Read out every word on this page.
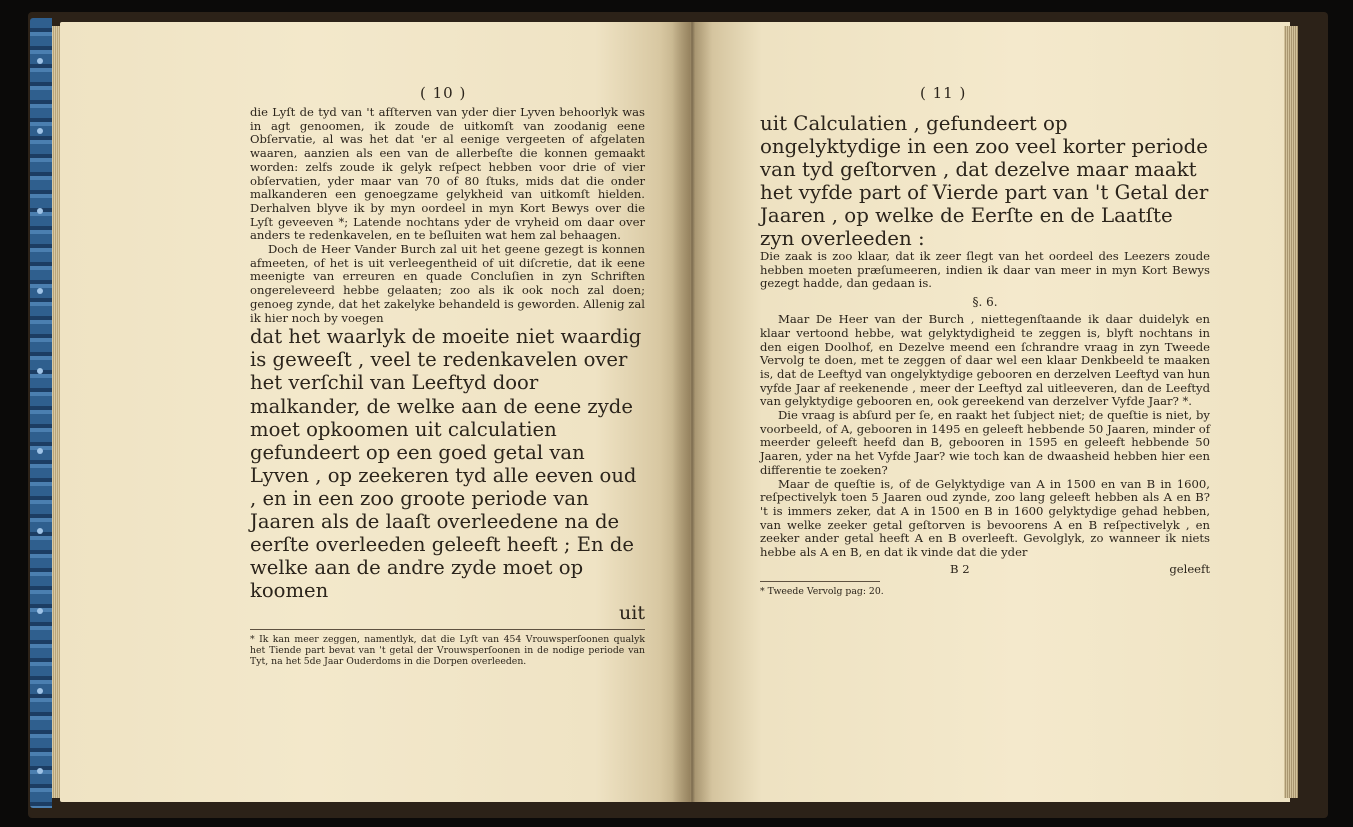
( 10 )

die Lyſt de tyd van 't afſterven van yder dier Lyven behoorlyk was in agt genoomen, ik zoude de uitkomſt van zoodanig eene Obſervatie, al was het dat 'er al eenige vergeeten of afgelaten waaren, aanzien als een van de allerbeſte die konnen gemaakt worden: zelfs zoude ik gelyk reſpect hebben voor drie of vier obſervatien, yder maar van 70 of 80 ſtuks, mids dat die onder malkanderen een genoegzame gelykheid van uitkomſt hielden. Derhalven blyve ik by myn oordeel in myn Kort Bewys over die Lyſt geveeven *; Latende nochtans yder de vryheid om daar over anders te redenkavelen, en te beſluiten wat hem zal behaagen.

Doch de Heer Vander Burch zal uit het geene gezegt is konnen afmeeten, of het is uit verleegentheid of uit diſcretie, dat ik eene meenigte van erreuren en quade Concluſien in zyn Schriften ongereleveerd hebbe gelaaten; zoo als ik ook noch zal doen; genoeg zynde, dat het zakelyke behandeld is geworden. Allenig zal ik hier noch by voegen

dat het waarlyk de moeite niet waardig is geweeſt , veel te redenkavelen over het verſchil van Leeftyd door malkander, de welke aan de eene zyde moet opkoomen uit calculatien gefundeert op een goed getal van Lyven , op zeekeren tyd alle eeven oud , en in een zoo groote periode van Jaaren als de laaſt overleedene na de eerſte overleeden geleeft heeft ; En de welke aan de andre zyde moet op koomen

uit

* Ik kan meer zeggen, namentlyk, dat die Lyſt van 454 Vrouwsperſoonen qualyk het Tiende part bevat van 't getal der Vrouwsperſoonen in de nodige periode van Tyt, na het 5de Jaar Ouderdoms in die Dorpen overleeden.

( 11 )

uit Calculatien , gefundeert op ongelyktydige in een zoo veel korter periode van tyd geſtorven , dat dezelve maar maakt het vyfde part of Vierde part van 't Getal der Jaaren , op welke de Eerſte en de Laatſte zyn overleeden :

Die zaak is zoo klaar, dat ik zeer ſlegt van het oordeel des Leezers zoude hebben moeten præſumeeren, indien ik daar van meer in myn Kort Bewys gezegt hadde, dan gedaan is.

§. 6.

Maar De Heer van der Burch , niettegenſtaande ik daar duidelyk en klaar vertoond hebbe, wat gelyktydigheid te zeggen is, blyft nochtans in den eigen Doolhof, en Dezelve meend een ſchrandre vraag in zyn Tweede Vervolg te doen, met te zeggen of daar wel een klaar Denkbeeld te maaken is, dat de Leeftyd van ongelyktydige gebooren en derzelven Leeftyd van hun vyfde Jaar af reekenende , meer der Leeftyd zal uitleeveren, dan de Leeftyd van gelyktydige gebooren en, ook gereekend van derzelver Vyfde Jaar? *.

Die vraag is abſurd per ſe, en raakt het ſubject niet; de queſtie is niet, by voorbeeld, of A, gebooren in 1495 en geleeft hebbende 50 Jaaren, minder of meerder geleeft heefd dan B, gebooren in 1595 en geleeft hebbende 50 Jaaren, yder na het Vyfde Jaar? wie toch kan de dwaasheid hebben hier een differentie te zoeken?

Maar de queſtie is, of de Gelyktydige van A in 1500 en van B in 1600, reſpectivelyk toen 5 Jaaren oud zynde, zoo lang geleeft hebben als A en B? 't is immers zeker, dat A in 1500 en B in 1600 gelyktydige gehad hebben, van welke zeeker getal geſtorven is bevoorens A en B reſpectivelyk , en zeeker ander getal heeft A en B overleeft. Gevolglyk, zo wanneer ik niets hebbe als A en B, en dat ik vinde dat die yder

B 2	geleeft

* Tweede Vervolg pag: 20.
